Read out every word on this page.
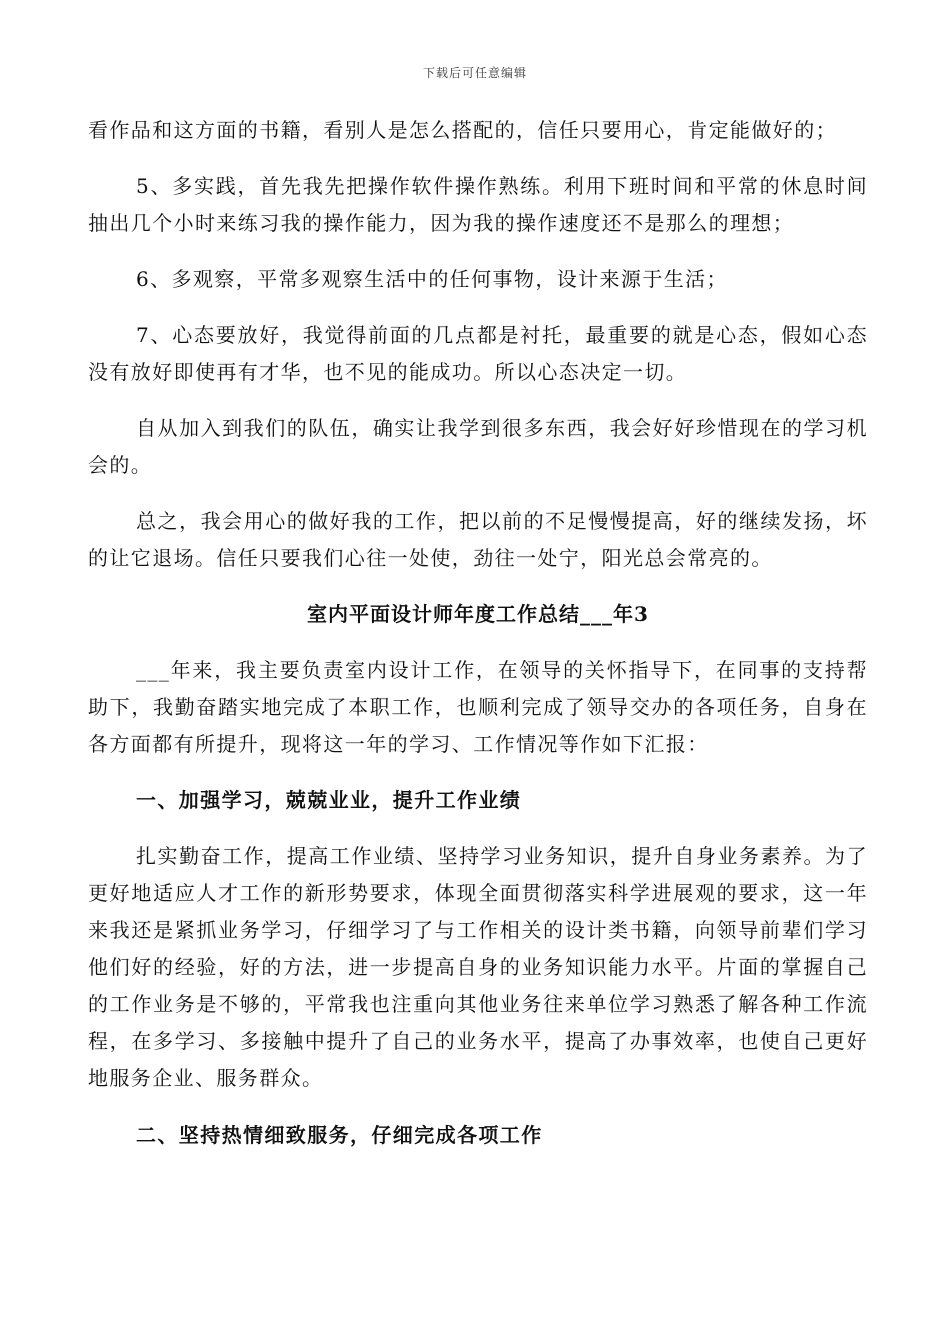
下载后可任意编辑

看作品和这方面的书籍，看别人是怎么搭配的，信任只要用心，肯定能做好的；

5、多实践，首先我先把操作软件操作熟练。利用下班时间和平常的休息时间抽出几个小时来练习我的操作能力，因为我的操作速度还不是那么的理想；

6、多观察，平常多观察生活中的任何事物，设计来源于生活；

7、心态要放好，我觉得前面的几点都是衬托，最重要的就是心态，假如心态没有放好即使再有才华，也不见的能成功。所以心态决定一切。

自从加入到我们的队伍，确实让我学到很多东西，我会好好珍惜现在的学习机会的。

总之，我会用心的做好我的工作，把以前的不足慢慢提高，好的继续发扬，坏的让它退场。信任只要我们心往一处使，劲往一处宁，阳光总会常亮的。

室内平面设计师年度工作总结___年3

___年来，我主要负责室内设计工作，在领导的关怀指导下，在同事的支持帮助下，我勤奋踏实地完成了本职工作，也顺利完成了领导交办的各项任务，自身在各方面都有所提升，现将这一年的学习、工作情况等作如下汇报：

一、加强学习，兢兢业业，提升工作业绩

扎实勤奋工作，提高工作业绩、坚持学习业务知识，提升自身业务素养。为了更好地适应人才工作的新形势要求，体现全面贯彻落实科学进展观的要求，这一年来我还是紧抓业务学习，仔细学习了与工作相关的设计类书籍，向领导前辈们学习他们好的经验，好的方法，进一步提高自身的业务知识能力水平。片面的掌握自己的工作业务是不够的，平常我也注重向其他业务往来单位学习熟悉了解各种工作流程，在多学习、多接触中提升了自己的业务水平，提高了办事效率，也使自己更好地服务企业、服务群众。

二、坚持热情细致服务，仔细完成各项工作
